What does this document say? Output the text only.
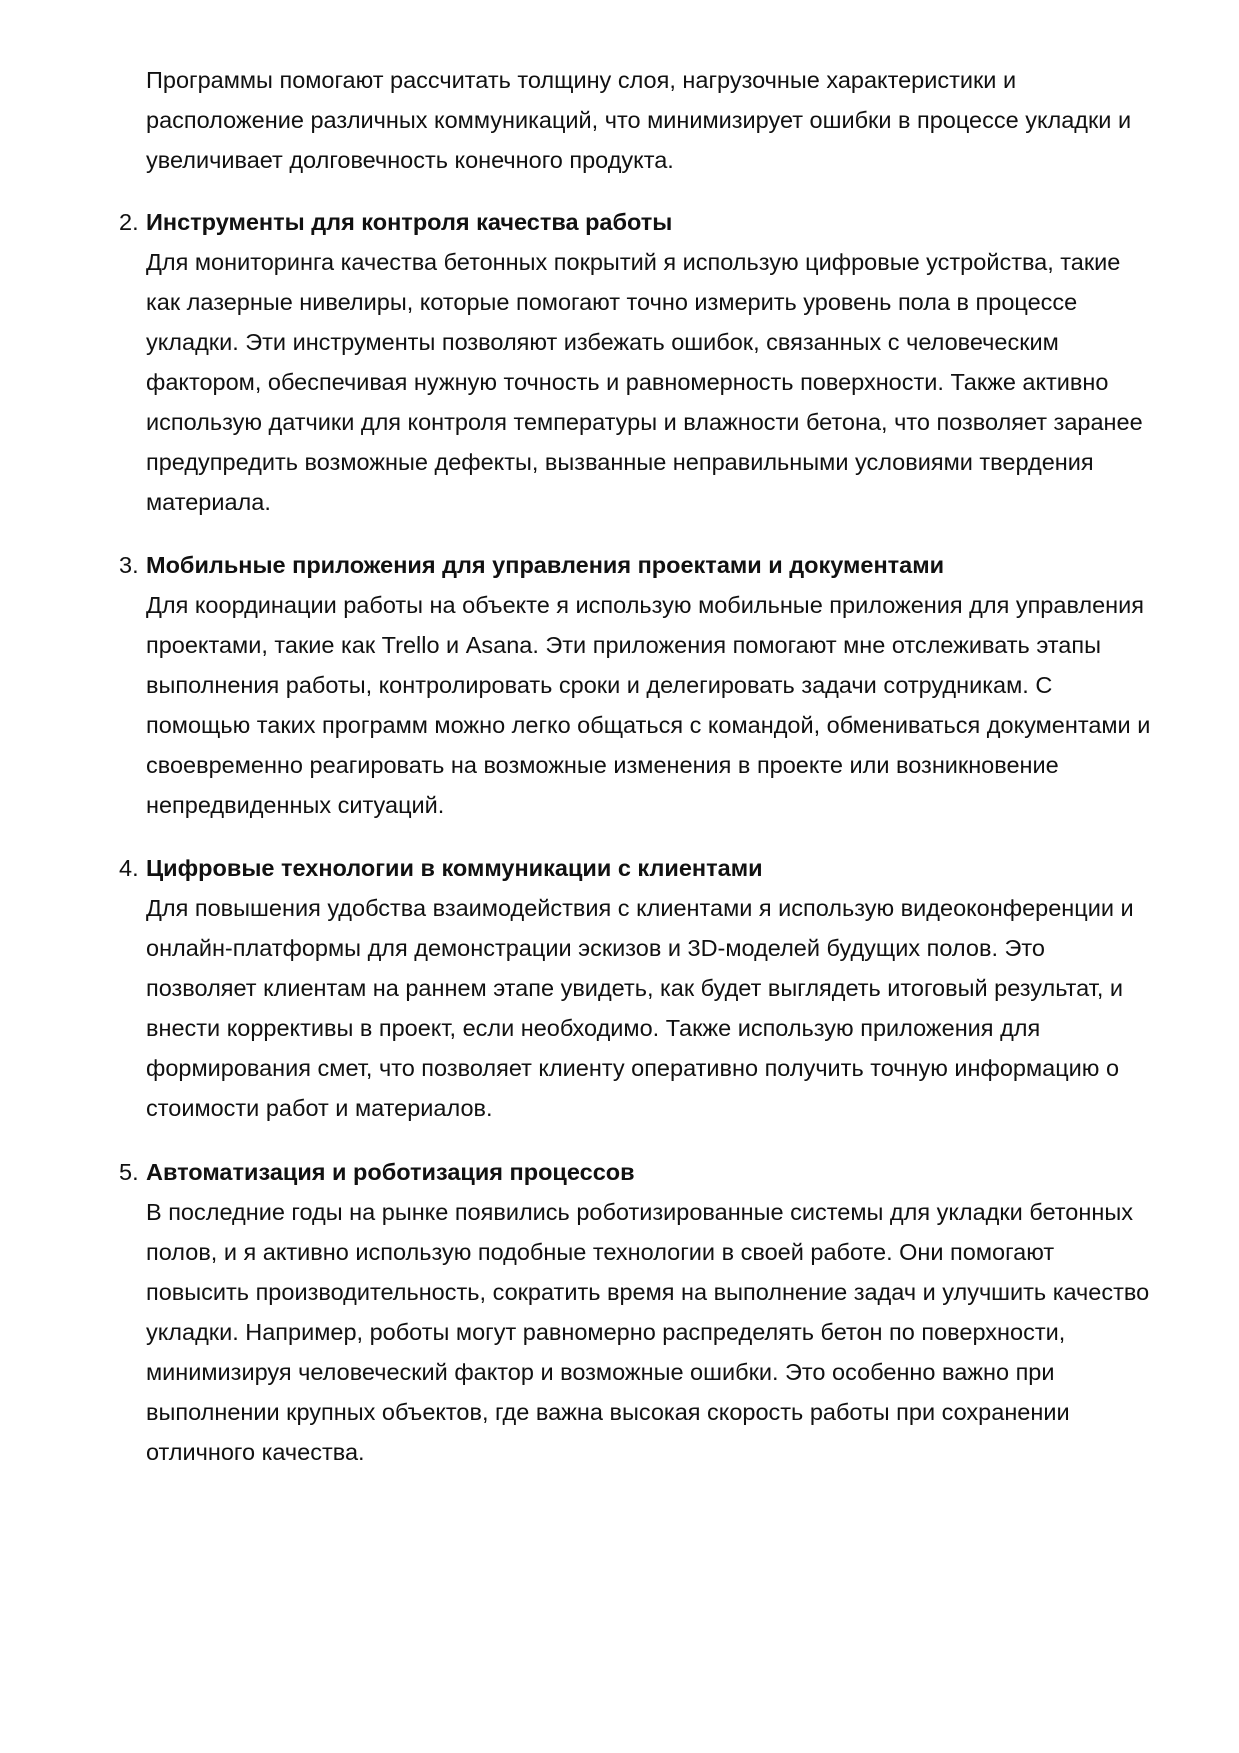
Программы помогают рассчитать толщину слоя, нагрузочные характеристики и расположение различных коммуникаций, что минимизирует ошибки в процессе укладки и увеличивает долговечность конечного продукта.

2. Инструменты для контроля качества работы

Для мониторинга качества бетонных покрытий я использую цифровые устройства, такие как лазерные нивелиры, которые помогают точно измерить уровень пола в процессе укладки. Эти инструменты позволяют избежать ошибок, связанных с человеческим фактором, обеспечивая нужную точность и равномерность поверхности. Также активно использую датчики для контроля температуры и влажности бетона, что позволяет заранее предупредить возможные дефекты, вызванные неправильными условиями твердения материала.

3. Мобильные приложения для управления проектами и документами

Для координации работы на объекте я использую мобильные приложения для управления проектами, такие как Trello и Asana. Эти приложения помогают мне отслеживать этапы выполнения работы, контролировать сроки и делегировать задачи сотрудникам. С помощью таких программ можно легко общаться с командой, обмениваться документами и своевременно реагировать на возможные изменения в проекте или возникновение непредвиденных ситуаций.

4. Цифровые технологии в коммуникации с клиентами

Для повышения удобства взаимодействия с клиентами я использую видеоконференции и онлайн-платформы для демонстрации эскизов и 3D-моделей будущих полов. Это позволяет клиентам на раннем этапе увидеть, как будет выглядеть итоговый результат, и внести коррективы в проект, если необходимо. Также использую приложения для формирования смет, что позволяет клиенту оперативно получить точную информацию о стоимости работ и материалов.

5. Автоматизация и роботизация процессов

В последние годы на рынке появились роботизированные системы для укладки бетонных полов, и я активно использую подобные технологии в своей работе. Они помогают повысить производительность, сократить время на выполнение задач и улучшить качество укладки. Например, роботы могут равномерно распределять бетон по поверхности, минимизируя человеческий фактор и возможные ошибки. Это особенно важно при выполнении крупных объектов, где важна высокая скорость работы при сохранении отличного качества.
